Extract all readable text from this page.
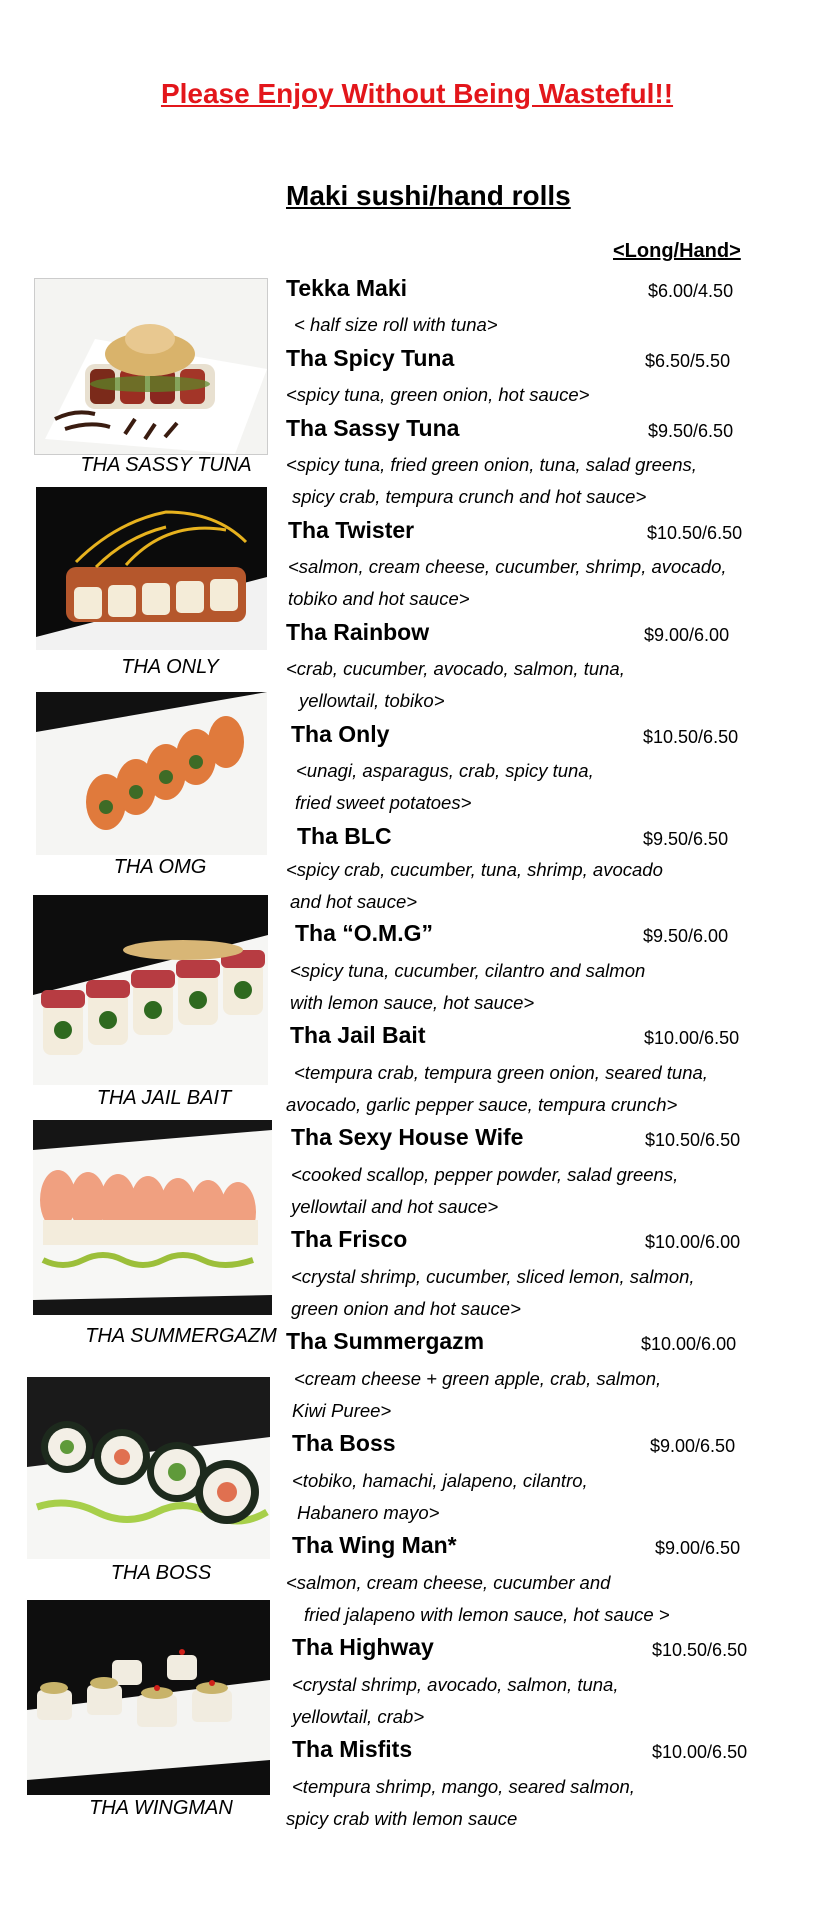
Please Enjoy Without Being Wasteful!!
Maki sushi/hand rolls
<Long/Hand>
Tekka Maki	$6.00/4.50
< half size roll with tuna>
Tha Spicy Tuna	$6.50/5.50
<spicy tuna, green onion, hot sauce>
Tha Sassy Tuna	$9.50/6.50
<spicy tuna, fried green onion, tuna, salad greens,
spicy crab, tempura crunch and hot sauce>
Tha Twister	$10.50/6.50
<salmon, cream cheese, cucumber, shrimp, avocado,
tobiko and hot sauce>
Tha Rainbow	$9.00/6.00
<crab, cucumber, avocado, salmon, tuna,
yellowtail, tobiko>
Tha Only	$10.50/6.50
<unagi, asparagus, crab, spicy tuna,
fried sweet potatoes>
Tha BLC	$9.50/6.50
<spicy crab, cucumber, tuna, shrimp, avocado
and hot sauce>
Tha “O.M.G”	$9.50/6.00
<spicy tuna, cucumber, cilantro and salmon
with lemon sauce, hot sauce>
Tha Jail Bait	$10.00/6.50
<tempura crab, tempura green onion, seared tuna,
avocado, garlic pepper sauce, tempura crunch>
Tha Sexy House Wife	$10.50/6.50
<cooked scallop, pepper powder, salad greens,
yellowtail and hot sauce>
Tha Frisco	$10.00/6.00
<crystal shrimp, cucumber, sliced lemon, salmon,
green onion and hot sauce>
Tha Summergazm	$10.00/6.00
<cream cheese + green apple, crab, salmon,
Kiwi Puree>
Tha Boss	$9.00/6.50
<tobiko, hamachi, jalapeno, cilantro,
Habanero mayo>
Tha Wing Man*	$9.00/6.50
<salmon, cream cheese, cucumber and
fried jalapeno with lemon sauce, hot sauce >
Tha Highway	$10.50/6.50
<crystal shrimp, avocado, salmon, tuna,
yellowtail, crab>
Tha Misfits	$10.00/6.50
<tempura shrimp, mango, seared salmon,
spicy crab with lemon sauce
THA SASSY TUNA
THA ONLY
THA OMG
THA JAIL BAIT
THA SUMMERGAZM
THA BOSS
THA WINGMAN
